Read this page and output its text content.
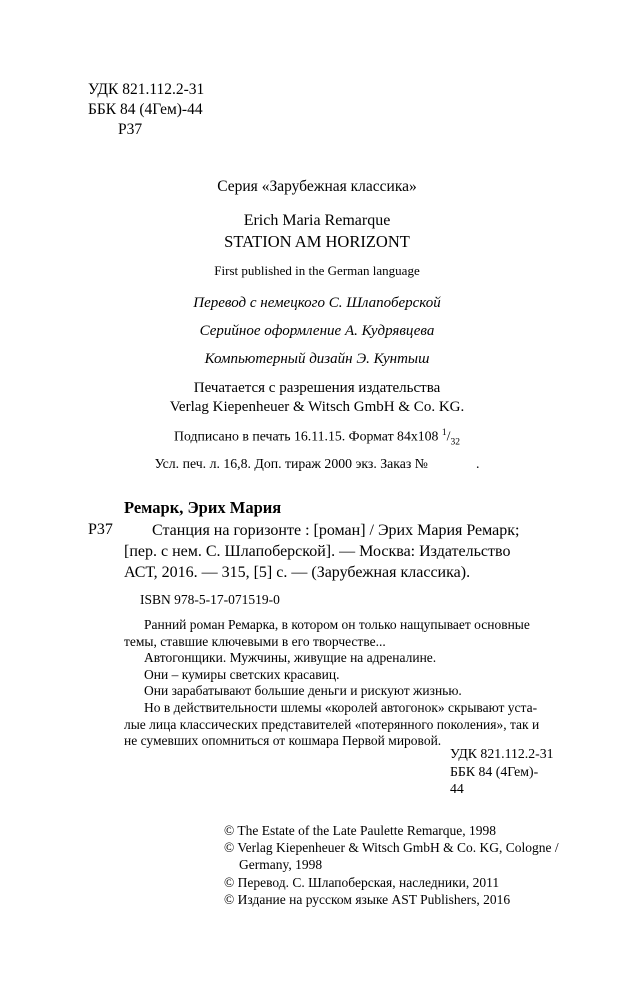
УДК 821.112.2-31
ББК 84 (4Гем)-44
Р37
Серия «Зарубежная классика»
Erich Maria Remarque
STATION AM HORIZONT
First published in the German language
Перевод с немецкого С. Шлапоберской
Серийное оформление А. Кудрявцева
Компьютерный дизайн Э. Кунтыш
Печатается с разрешения издательства
Verlag Kiepenheuer & Witsch GmbH & Co. KG.
Подписано в печать 16.11.15. Формат 84х108 $^1/_{32}$
Усл. печ. л. 16,8. Доп. тираж 2000 экз. Заказ №	.
Р37
Ремарк, Эрих Мария
Станция на горизонте : [роман] / Эрих Мария Ремарк;
[пер. с нем. С. Шлапоберской]. — Москва: Издательство
АСТ, 2016. — 315, [5] с. — (Зарубежная классика).
ISBN 978-5-17-071519-0
Ранний роман Ремарка, в котором он только нащупывает основные
темы, ставшие ключевыми в его творчестве...
Автогонщики. Мужчины, живущие на адреналине.
Они – кумиры светских красавиц.
Они зарабатывают большие деньги и рискуют жизнью.
Но в действительности шлемы «королей автогонок» скрывают уста-
лые лица классических представителей «потерянного поколения», так и
не сумевших опомниться от кошмара Первой мировой.
УДК 821.112.2-31
ББК 84 (4Гем)-
44
© The Estate of the Late Paulette Remarque, 1998
© Verlag Kiepenheuer & Witsch GmbH & Co. KG, Cologne /
Germany, 1998
© Перевод. С. Шлапоберская, наследники, 2011
© Издание на русском языке AST Publishers, 2016
